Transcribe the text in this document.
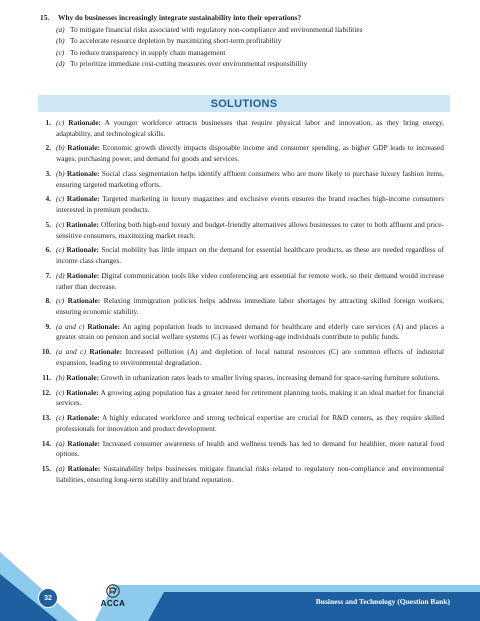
15.	Why do businesses increasingly integrate sustainability into their operations?
(a) To mitigate financial risks associated with regulatory non-compliance and environmental liabilities
(b) To accelerate resource depletion by maximizing short-term profitability
(c) To reduce transparency in supply chain management
(d) To prioritize immediate cost-cutting measures over environmental responsibility
SOLUTIONS
1. (c) Rationale: A younger workforce attracts businesses that require physical labor and innovation, as they bring energy, adaptability, and technological skills.
2. (b) Rationale: Economic growth directly impacts disposable income and consumer spending, as higher GDP leads to increased wages, purchasing power, and demand for goods and services.
3. (b) Rationale: Social class segmentation helps identify affluent consumers who are more likely to purchase luxury fashion items, ensuring targeted marketing efforts.
4. (c) Rationale: Targeted marketing in luxury magazines and exclusive events ensures the brand reaches high-income consumers interested in premium products.
5. (c) Rationale: Offering both high-end luxury and budget-friendly alternatives allows businesses to cater to both affluent and price-sensitive consumers, maximizing market reach.
6. (c) Rationale: Social mobility has little impact on the demand for essential healthcare products, as these are needed regardless of income class changes.
7. (d) Rationale: Digital communication tools like video conferencing are essential for remote work, so their demand would increase rather than decrease.
8. (c) Rationale: Relaxing immigration policies helps address immediate labor shortages by attracting skilled foreign workers, ensuring economic stability.
9. (a and c) Rationale: An aging population leads to increased demand for healthcare and elderly care services (A) and places a greater strain on pension and social welfare systems (C) as fewer working-age individuals contribute to public funds.
10. (a and c) Rationale: Increased pollution (A) and depletion of local natural resources (C) are common effects of industrial expansion, leading to environmental degradation.
11. (b) Rationale: Growth in urbanization rates leads to smaller living spaces, increasing demand for space-saving furniture solutions.
12. (c) Rationale: A growing aging population has a greater need for retirement planning tools, making it an ideal market for financial services.
13. (c) Rationale: A highly educated workforce and strong technical expertise are crucial for R&D centers, as they require skilled professionals for innovation and product development.
14. (a) Rationale: Increased consumer awareness of health and wellness trends has led to demand for healthier, more natural food options.
15. (a) Rationale: Sustainability helps businesses mitigate financial risks related to regulatory non-compliance and environmental liabilities, ensuring long-term stability and brand reputation.
32
ACCA	Business and Technology (Question Bank)
